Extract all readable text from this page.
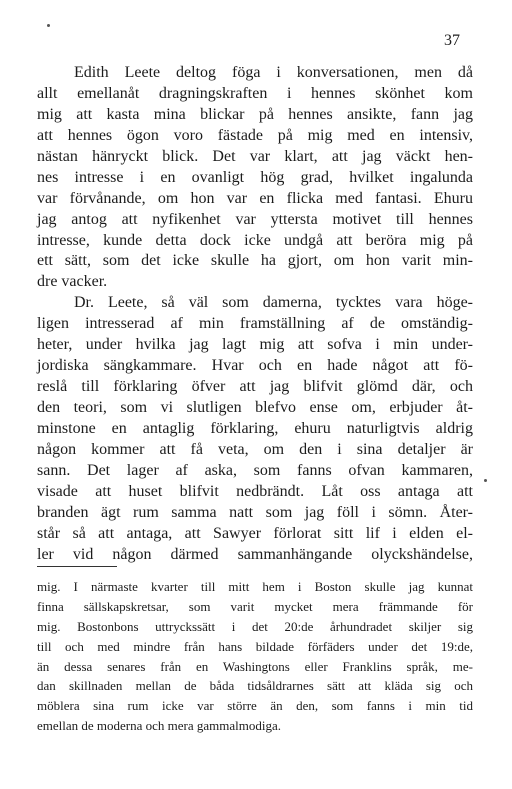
37
Edith Leete deltog föga i konversationen, men då
allt emellanåt dragningskraften i hennes skönhet kom
mig att kasta mina blickar på hennes ansikte, fann jag
att hennes ögon voro fästade på mig med en intensiv,
nästan hänryckt blick. Det var klart, att jag väckt hen-
nes intresse i en ovanligt hög grad, hvilket ingalunda
var förvånande, om hon var en flicka med fantasi. Ehuru
jag antog att nyfikenhet var yttersta motivet till hennes
intresse, kunde detta dock icke undgå att beröra mig på
ett sätt, som det icke skulle ha gjort, om hon varit min-
dre vacker.
Dr. Leete, så väl som damerna, tycktes vara höge-
ligen intresserad af min framställning af de omständig-
heter, under hvilka jag lagt mig att sofva i min under-
jordiska sängkammare. Hvar och en hade något att fö-
reslå till förklaring öfver att jag blifvit glömd där, och
den teori, som vi slutligen blefvo ense om, erbjuder åt-
minstone en antaglig förklaring, ehuru naturligtvis aldrig
någon kommer att få veta, om den i sina detaljer är
sann. Det lager af aska, som fanns ofvan kammaren,
visade att huset blifvit nedbrändt. Låt oss antaga att
branden ägt rum samma natt som jag föll i sömn. Åter-
står så att antaga, att Sawyer förlorat sitt lif i elden el-
ler vid någon därmed sammanhängande olyckshändelse,
mig. I närmaste kvarter till mitt hem i Boston skulle jag kunnat
finna sällskapskretsar, som varit mycket mera främmande för
mig. Bostonbons uttryckssätt i det 20:de århundradet skiljer sig
till och med mindre från hans bildade förfäders under det 19:de,
än dessa senares från en Washingtons eller Franklins språk, me-
dan skillnaden mellan de båda tidsåldrarnes sätt att kläda sig och
möblera sina rum icke var större än den, som fanns i min tid
emellan de moderna och mera gammalmodiga.
